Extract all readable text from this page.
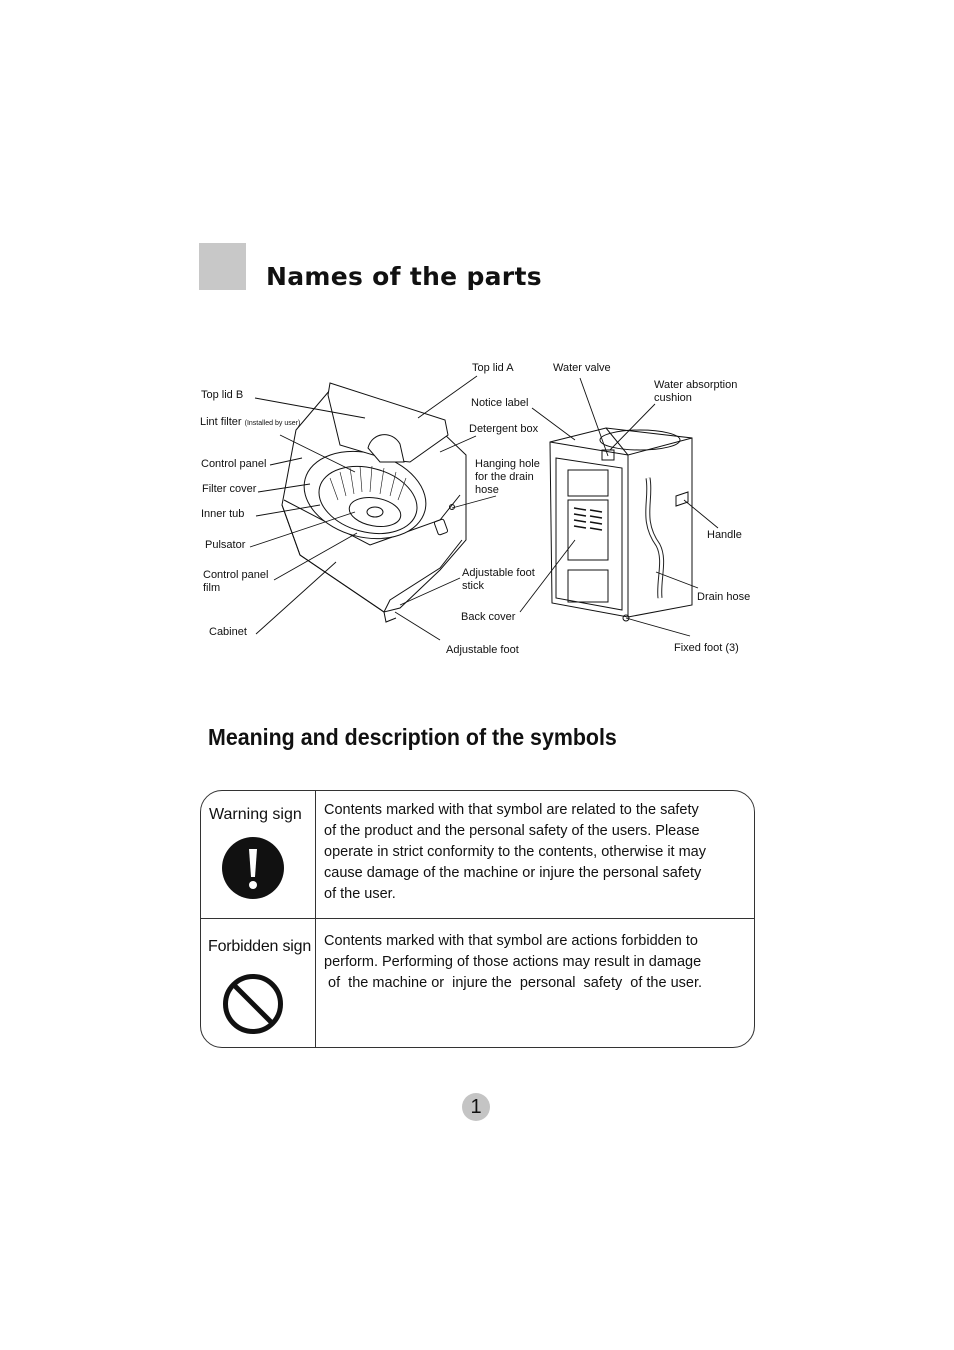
Names of the parts
Top lid B
Lint filter (Installed by user)
Control panel
Filter cover
Inner tub
Pulsator
Control panel
film
Cabinet
Top lid A
Notice label
Detergent box
Hanging hole
for the drain
hose
Adjustable foot
stick
Back cover
Adjustable foot
Water valve
Water absorption
cushion
Handle
Drain hose
Fixed foot (3)
Meaning and description of the symbols
Warning sign Contents marked with that symbol are related to the safety
of the product and the personal safety of the users. Please
operate in strict conformity to the contents, otherwise it may
cause damage of the machine or injure the personal safety
of the user.
Forbidden sign Contents marked with that symbol are actions forbidden to
perform. Performing of those actions may result in damage
of  the machine or  injure the  personal  safety  of the user.
1
